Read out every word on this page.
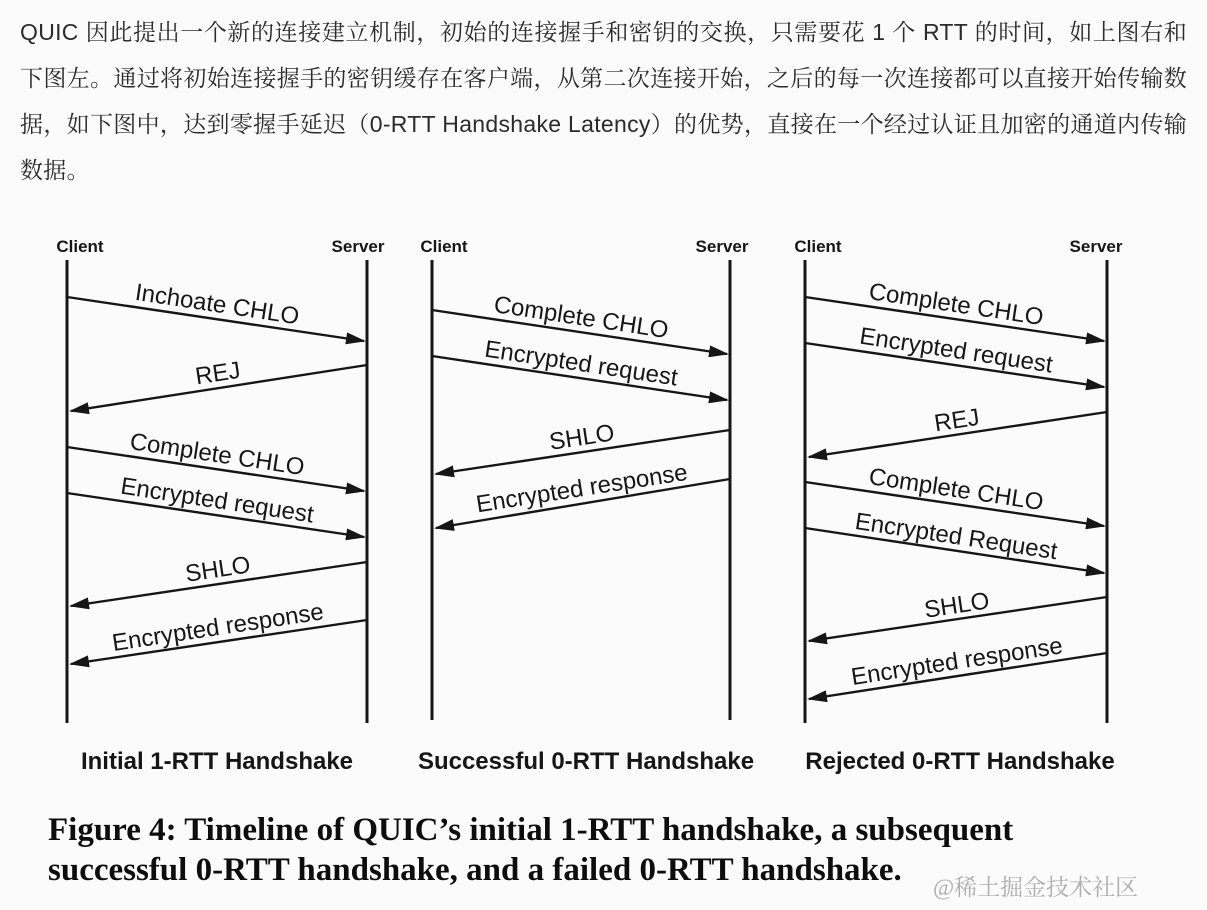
QUIC 因此提出一个新的连接建立机制，初始的连接握手和密钥的交换，只需要花 1 个 RTT 的时间，如上图右和下图左。通过将初始连接握手的密钥缓存在客户端，从第二次连接开始，之后的每一次连接都可以直接开始传输数据，如下图中，达到零握手延迟（0-RTT Handshake Latency）的优势，直接在一个经过认证且加密的通道内传输数据。

Client	Server
Inchoate CHLO
REJ
Complete CHLO
Encrypted request
SHLO
Encrypted response
Initial 1-RTT Handshake
Client	Server
Complete CHLO
Encrypted request
SHLO
Encrypted response
Successful 0-RTT Handshake
Client	Server
Complete CHLO
Encrypted request
REJ
Complete CHLO
Encrypted Request
SHLO
Encrypted response
Rejected 0-RTT Handshake
Figure 4: Timeline of QUIC’s initial 1-RTT handshake, a subsequent
successful 0-RTT handshake, and a failed 0-RTT handshake.	@稀土掘金技术社区
